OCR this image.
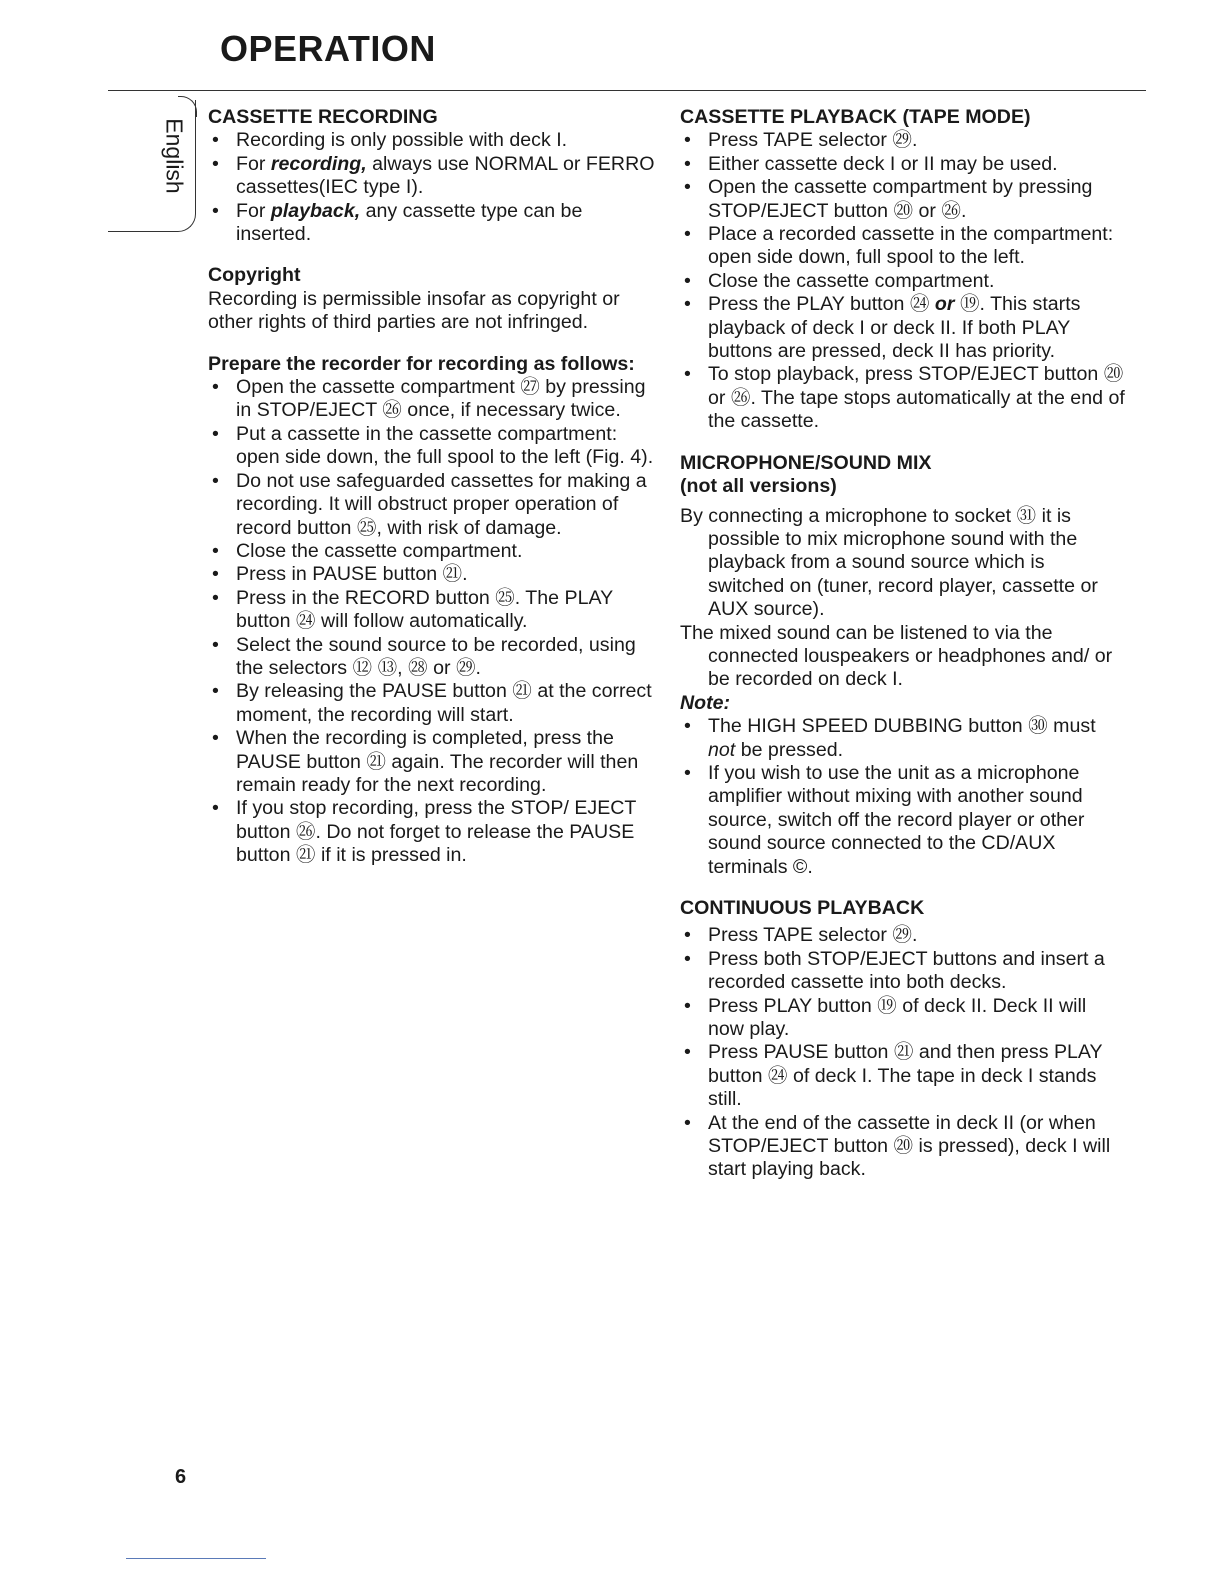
OPERATION
English
CASSETTE RECORDING
• Recording is only possible with deck I.
• For recording, always use NORMAL or FERRO cassettes(IEC type I).
• For playback, any cassette type can be inserted.
Copyright
Recording is permissible insofar as copyright or other rights of third parties are not infringed.
Prepare the recorder for recording as follows:
• Open the cassette compartment ㉗ by pressing in STOP/EJECT ㉖ once, if necessary twice.
• Put a cassette in the cassette compartment: open side down, the full spool to the left (Fig. 4).
• Do not use safeguarded cassettes for making a recording. It will obstruct proper operation of record button ㉕, with risk of damage.
• Close the cassette compartment.
• Press in PAUSE button ㉑.
• Press in the RECORD button ㉕. The PLAY button ㉔ will follow automatically.
• Select the sound source to be recorded, using the selectors ⑫ ⑬, ㉘ or ㉙.
• By releasing the PAUSE button ㉑ at the correct moment, the recording will start.
• When the recording is completed, press the PAUSE button ㉑ again. The recorder will then remain ready for the next recording.
• If you stop recording, press the STOP/ EJECT button ㉖. Do not forget to release the PAUSE button ㉑ if it is pressed in.
CASSETTE PLAYBACK (TAPE MODE)
• Press TAPE selector ㉙.
• Either cassette deck I or II may be used.
• Open the cassette compartment by pressing STOP/EJECT button ⑳ or ㉖.
• Place a recorded cassette in the compartment: open side down, full spool to the left.
• Close the cassette compartment.
• Press the PLAY button ㉔ or ⑲. This starts playback of deck I or deck II. If both PLAY buttons are pressed, deck II has priority.
• To stop playback, press STOP/EJECT button ⑳ or ㉖. The tape stops automatically at the end of the cassette.
MICROPHONE/SOUND MIX
(not all versions)
By connecting a microphone to socket ㉛ it is possible to mix microphone sound with the playback from a sound source which is switched on (tuner, record player, cassette or AUX source).
The mixed sound can be listened to via the connected louspeakers or headphones and/ or be recorded on deck I.
Note:
• The HIGH SPEED DUBBING button ㉚ must not be pressed.
• If you wish to use the unit as a microphone amplifier without mixing with another sound source, switch off the record player or other sound source connected to the CD/AUX terminals ©.
CONTINUOUS PLAYBACK
• Press TAPE selector ㉙.
• Press both STOP/EJECT buttons and insert a recorded cassette into both decks.
• Press PLAY button ⑲ of deck II. Deck II will now play.
• Press PAUSE button ㉑ and then press PLAY button ㉔ of deck I. The tape in deck I stands still.
• At the end of the cassette in deck II (or when STOP/EJECT button ⑳ is pressed), deck I will start playing back.
6
